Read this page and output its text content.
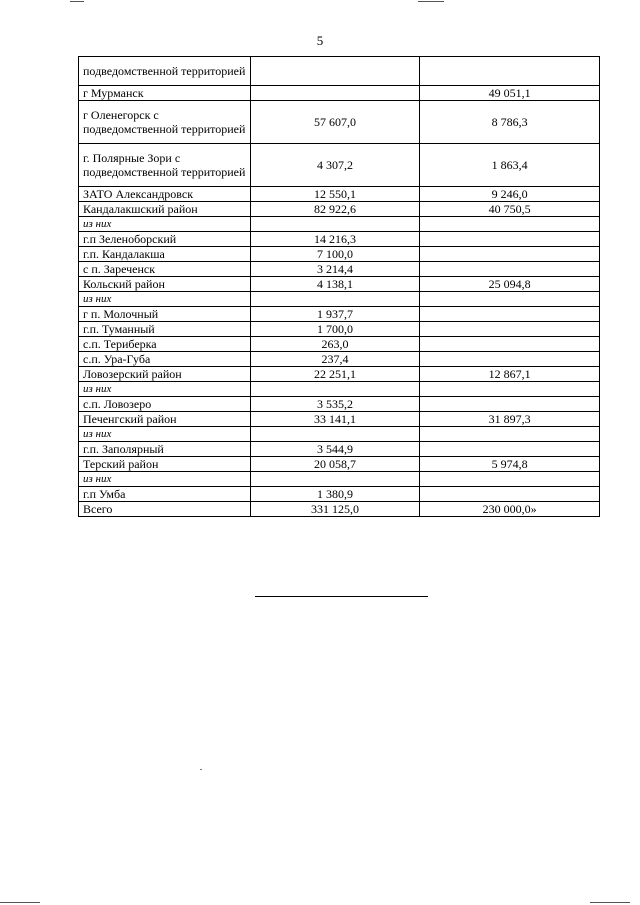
5
подведомственной территорией		
г Мурманск		49 051,1
г Оленегорск с подведомственной территорией	57 607,0	8 786,3
г. Полярные Зори с подведомственной территорией	4 307,2	1 863,4
ЗАТО Александровск	12 550,1	9 246,0
Кандалакшский район	82 922,6	40 750,5
из них		
г.п Зеленоборский	14 216,3	
г.п. Кандалакша	7 100,0	
с п. Зареченск	3 214,4	
Кольский район	4 138,1	25 094,8
из них		
г п. Молочный	1 937,7	
г.п. Туманный	1 700,0	
с.п. Териберка	263,0	
с.п. Ура-Губа	237,4	
Ловозерский район	22 251,1	12 867,1
из них		
с.п. Ловозеро	3 535,2	
Печенгский район	33 141,1	31 897,3
из них		
г.п. Заполярный	3 544,9	
Терский район	20 058,7	5 974,8
из них		
г.п Умба	1 380,9	
Всего	331 125,0	230 000,0»
